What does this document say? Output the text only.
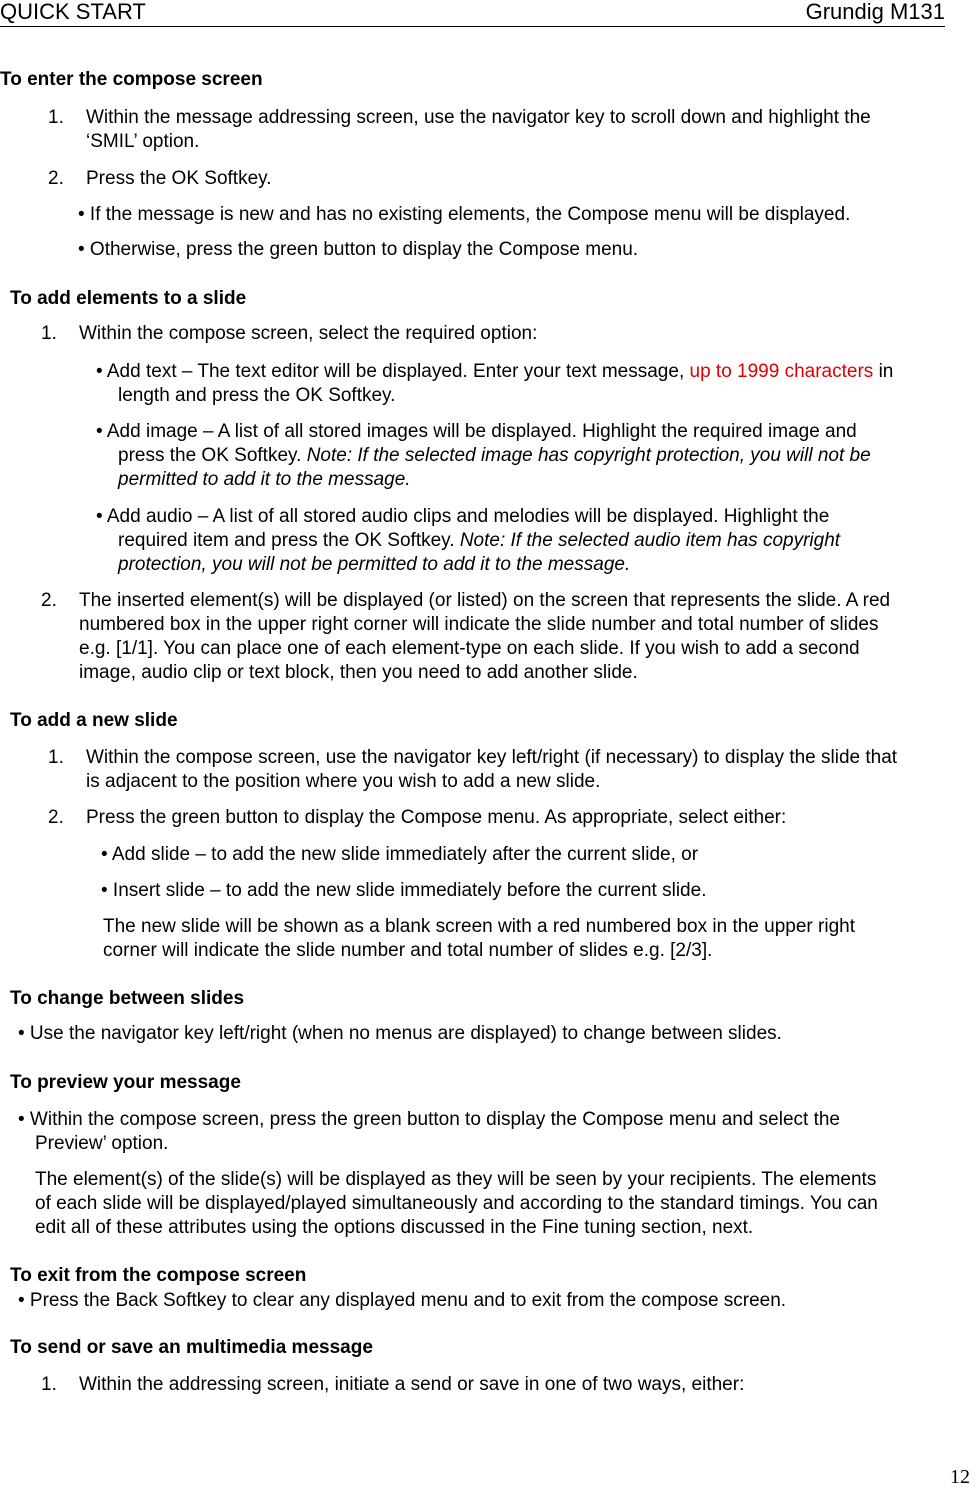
QUICK START	Grundig M131
To enter the compose screen
1. Within the message addressing screen, use the navigator key to scroll down and highlight the
‘SMIL’ option.
2. Press the OK Softkey.
• If the message is new and has no existing elements, the Compose menu will be displayed.
• Otherwise, press the green button to display the Compose menu.
To add elements to a slide
1. Within the compose screen, select the required option:
• Add text – The text editor will be displayed. Enter your text message, up to 1999 characters in
length and press the OK Softkey.
• Add image – A list of all stored images will be displayed. Highlight the required image and
press the OK Softkey. Note: If the selected image has copyright protection, you will not be
permitted to add it to the message.
• Add audio – A list of all stored audio clips and melodies will be displayed. Highlight the
required item and press the OK Softkey. Note: If the selected audio item has copyright
protection, you will not be permitted to add it to the message.
2. The inserted element(s) will be displayed (or listed) on the screen that represents the slide. A red
numbered box in the upper right corner will indicate the slide number and total number of slides
e.g. [1/1]. You can place one of each element-type on each slide. If you wish to add a second
image, audio clip or text block, then you need to add another slide.
To add a new slide
1. Within the compose screen, use the navigator key left/right (if necessary) to display the slide that
is adjacent to the position where you wish to add a new slide.
2. Press the green button to display the Compose menu. As appropriate, select either:
• Add slide – to add the new slide immediately after the current slide, or
• Insert slide – to add the new slide immediately before the current slide.
The new slide will be shown as a blank screen with a red numbered box in the upper right
corner will indicate the slide number and total number of slides e.g. [2/3].
To change between slides
• Use the navigator key left/right (when no menus are displayed) to change between slides.
To preview your message
• Within the compose screen, press the green button to display the Compose menu and select the
Preview’ option.
The element(s) of the slide(s) will be displayed as they will be seen by your recipients. The elements
of each slide will be displayed/played simultaneously and according to the standard timings. You can
edit all of these attributes using the options discussed in the Fine tuning section, next.
To exit from the compose screen
• Press the Back Softkey to clear any displayed menu and to exit from the compose screen.
To send or save an multimedia message
1. Within the addressing screen, initiate a send or save in one of two ways, either:
12
